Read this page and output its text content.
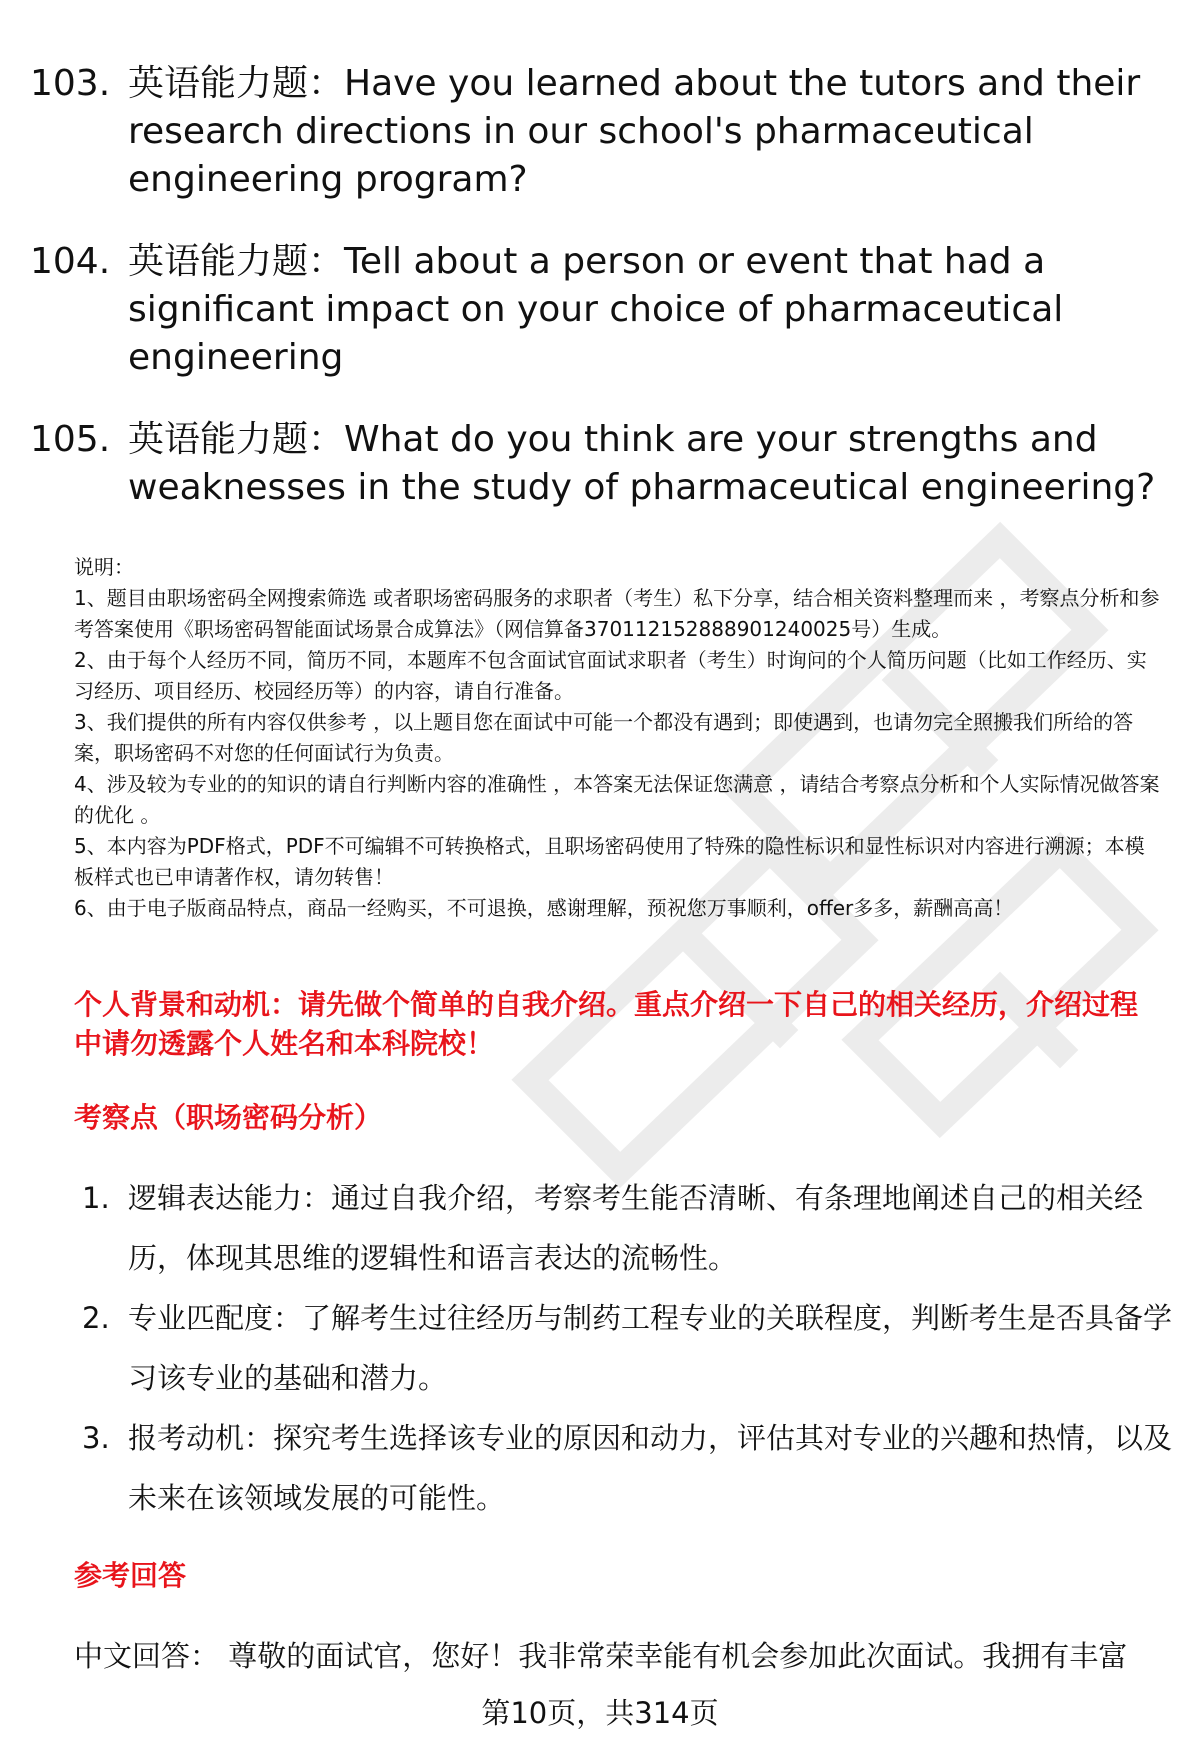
103. 英语能力题：Have you learned about the tutors and their research directions in our school's pharmaceutical engineering program?
104. 英语能力题：Tell about a person or event that had a significant impact on your choice of pharmaceutical engineering
105. 英语能力题：What do you think are your strengths and weaknesses in the study of pharmaceutical engineering?

说明：

1、题目由职场密码全网搜索筛选 或者职场密码服务的求职者（考生）私下分享，结合相关资料整理而来 ，考察点分析和参考答案使用《职场密码智能面试场景合成算法》（网信算备370112152888901240025号）生成。

2、由于每个人经历不同，简历不同，本题库不包含面试官面试求职者（考生）时询问的个人简历问题（比如工作经历、实习经历、项目经历、校园经历等）的内容，请自行准备。

3、我们提供的所有内容仅供参考 ，以上题目您在面试中可能一个都没有遇到；即使遇到，也请勿完全照搬我们所给的答案，职场密码不对您的任何面试行为负责。

4、涉及较为专业的的知识的请自行判断内容的准确性 ，本答案无法保证您满意 ，请结合考察点分析和个人实际情况做答案的优化 。

5、本内容为PDF格式，PDF不可编辑不可转换格式，且职场密码使用了特殊的隐性标识和显性标识对内容进行溯源；本模板样式也已申请著作权，请勿转售！

6、由于电子版商品特点，商品一经购买，不可退换，感谢理解，预祝您万事顺利，offer多多，薪酬高高！

个人背景和动机：请先做个简单的自我介绍。重点介绍一下自己的相关经历，介绍过程中请勿透露个人姓名和本科院校！
考察点（职场密码分析）
1. 逻辑表达能力：通过自我介绍，考察考生能否清晰、有条理地阐述自己的相关经历，体现其思维的逻辑性和语言表达的流畅性。
2. 专业匹配度：了解考生过往经历与制药工程专业的关联程度，判断考生是否具备学习该专业的基础和潜力。
3. 报考动机：探究考生选择该专业的原因和动力，评估其对专业的兴趣和热情，以及未来在该领域发展的可能性。
参考回答
中文回答： 尊敬的面试官，您好！我非常荣幸能有机会参加此次面试。我拥有丰富
第10页，共314页
